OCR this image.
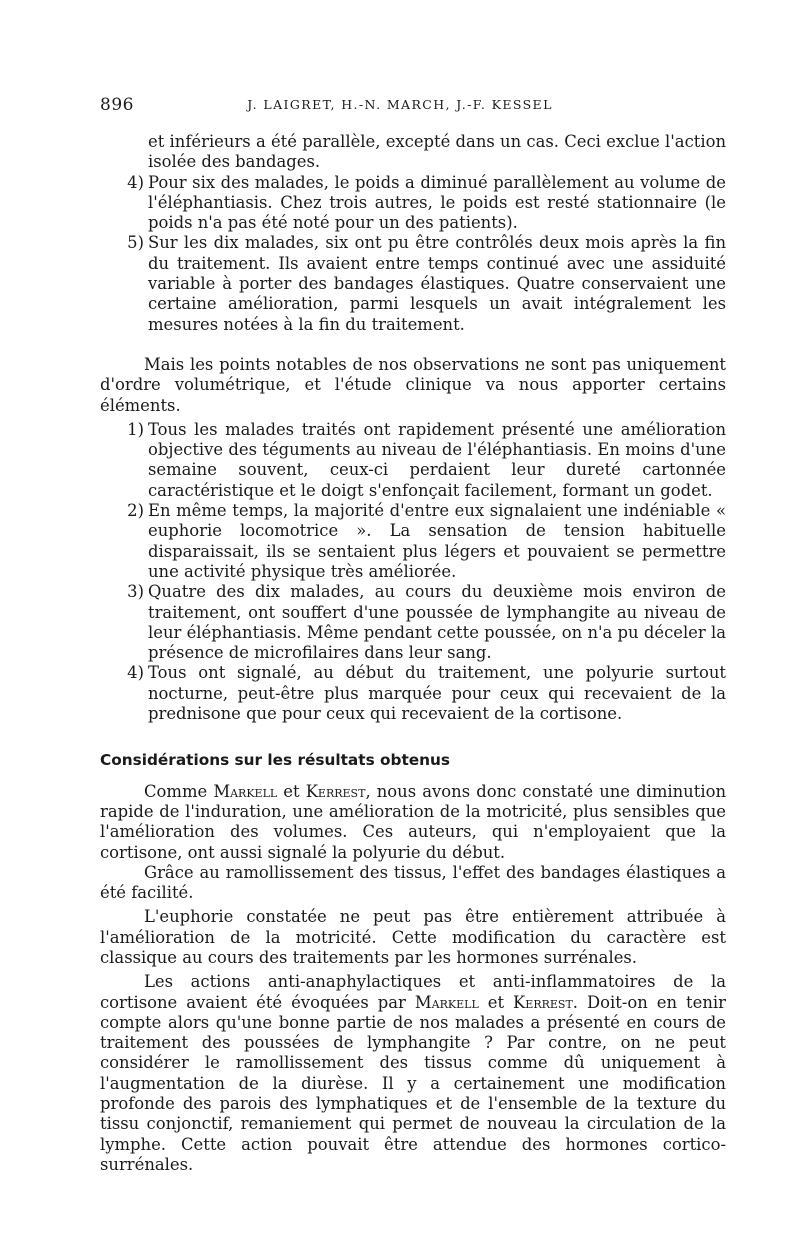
896	J. LAIGRET, H.-N. MARCH, J.-F. KESSEL

et inférieurs a été parallèle, excepté dans un cas. Ceci exclue l'action isolée des bandages.

4) Pour six des malades, le poids a diminué parallèlement au volume de l'éléphantiasis. Chez trois autres, le poids est resté stationnaire (le poids n'a pas été noté pour un des patients).

5) Sur les dix malades, six ont pu être contrôlés deux mois après la fin du traitement. Ils avaient entre temps continué avec une assiduité variable à porter des bandages élastiques. Quatre conservaient une certaine amélioration, parmi lesquels un avait intégralement les mesures notées à la fin du traitement.

Mais les points notables de nos observations ne sont pas uniquement d'ordre volumétrique, et l'étude clinique va nous apporter certains éléments.

1) Tous les malades traités ont rapidement présenté une amélioration objective des téguments au niveau de l'éléphantiasis. En moins d'une semaine souvent, ceux-ci perdaient leur dureté cartonnée caractéristique et le doigt s'enfonçait facilement, formant un godet.

2) En même temps, la majorité d'entre eux signalaient une indéniable « euphorie locomotrice ». La sensation de tension habituelle disparaissait, ils se sentaient plus légers et pouvaient se permettre une activité physique très améliorée.

3) Quatre des dix malades, au cours du deuxième mois environ de traitement, ont souffert d'une poussée de lymphangite au niveau de leur éléphantiasis. Même pendant cette poussée, on n'a pu déceler la présence de microfilaires dans leur sang.

4) Tous ont signalé, au début du traitement, une polyurie surtout nocturne, peut-être plus marquée pour ceux qui recevaient de la prednisone que pour ceux qui recevaient de la cortisone.

Considérations sur les résultats obtenus

Comme Markell et Kerrest, nous avons donc constaté une diminution rapide de l'induration, une amélioration de la motricité, plus sensibles que l'amélioration des volumes. Ces auteurs, qui n'employaient que la cortisone, ont aussi signalé la polyurie du début.

Grâce au ramollissement des tissus, l'effet des bandages élastiques a été facilité.

L'euphorie constatée ne peut pas être entièrement attribuée à l'amélioration de la motricité. Cette modification du caractère est classique au cours des traitements par les hormones surrénales.

Les actions anti-anaphylactiques et anti-inflammatoires de la cortisone avaient été évoquées par Markell et Kerrest. Doit-on en tenir compte alors qu'une bonne partie de nos malades a présenté en cours de traitement des poussées de lymphangite ? Par contre, on ne peut considérer le ramollissement des tissus comme dû uniquement à l'augmentation de la diurèse. Il y a certainement une modification profonde des parois des lymphatiques et de l'ensemble de la texture du tissu conjonctif, remaniement qui permet de nouveau la circulation de la lymphe. Cette action pouvait être attendue des hormones cortico-surrénales.
